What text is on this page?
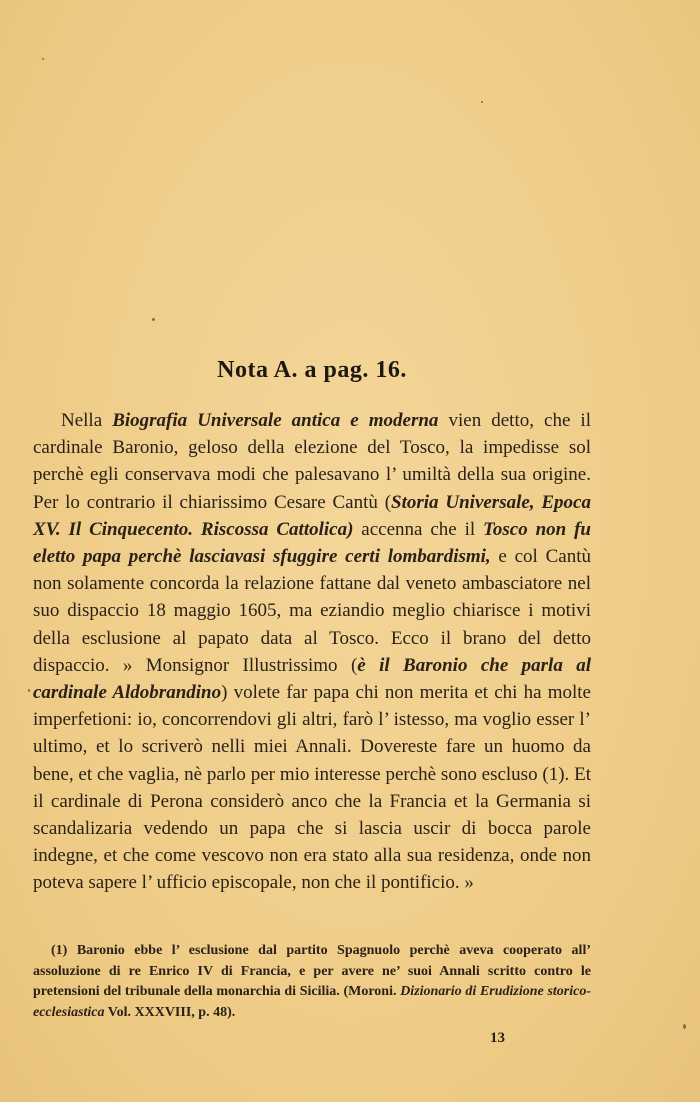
Nota A. a pag. 16.

Nella Biografia Universale antica e moderna vien detto, che il cardinale Baronio, geloso della elezione del Tosco, la impedisse sol perchè egli conservava modi che palesavano l’ umiltà della sua origine. Per lo contrario il chiarissimo Cesare Cantù (Storia Universale, Epoca XV. Il Cinquecento. Riscossa Cattolica) accenna che il Tosco non fu eletto papa perchè lasciavasi sfuggire certi lombardismi, e col Cantù non solamente concorda la relazione fattane dal veneto ambasciatore nel suo dispaccio 18 maggio 1605, ma eziandio meglio chiarisce i motivi della esclusione al papato data al Tosco. Ecco il brano del detto dispaccio. » Monsignor Illustrissimo (è il Baronio che parla al cardinale Aldobrandino) volete far papa chi non merita et chi ha molte imperfetioni: io, concorrendovi gli altri, farò l’ istesso, ma voglio esser l’ ultimo, et lo scriverò nelli miei Annali. Dovereste fare un huomo da bene, et che vaglia, nè parlo per mio interesse perchè sono escluso (1). Et il cardinale di Perona considerò anco che la Francia et la Germania si scandalizaria vedendo un papa che si lascia uscir di bocca parole indegne, et che come vescovo non era stato alla sua residenza, onde non poteva sapere l’ ufficio episcopale, non che il pontificio. »

(1) Baronio ebbe l’ esclusione dal partito Spagnuolo perchè aveva cooperato all’ assoluzione di re Enrico IV di Francia, e per avere ne’ suoi Annali scritto contro le pretensioni del tribunale della monarchia di Sicilia. (Moroni. Dizionario di Erudizione storico-ecclesiastica Vol. XXXVIII, p. 48).

13
